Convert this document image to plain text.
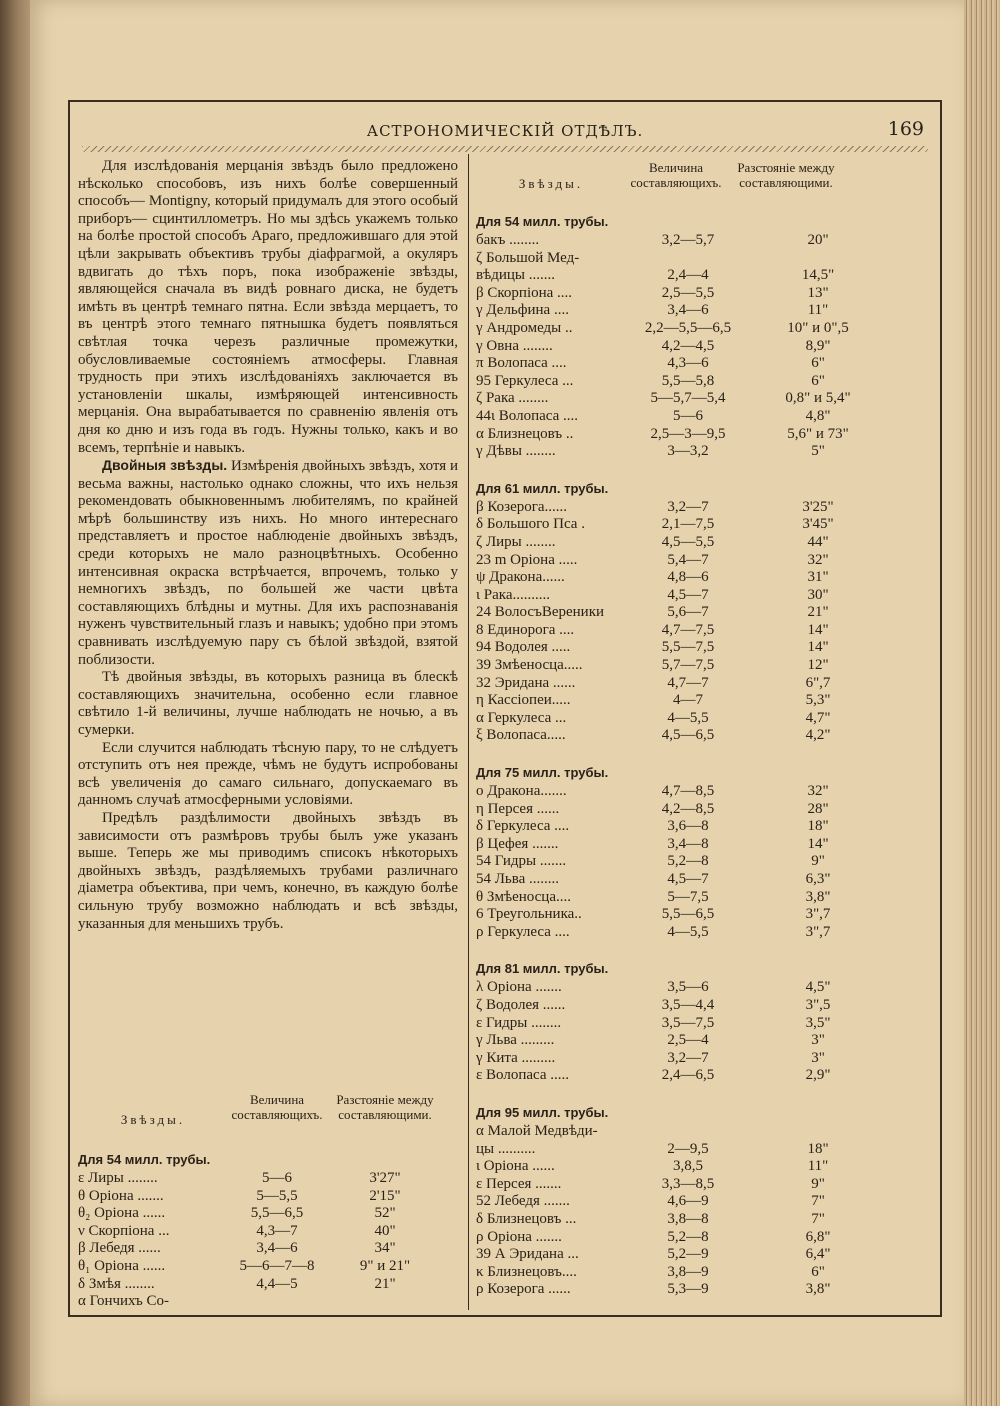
АСТРОНОМИЧЕСКІЙ ОТДѢЛЪ.	169

Для изслѣдованія мерцанія звѣздъ было предложено нѣсколько способовъ, изъ нихъ болѣе совершенный способъ— Montigny, который придумалъ для этого особый приборъ— сцинтиллометръ. Но мы здѣсь укажемъ только на болѣе простой способъ Араго, предложившаго для этой цѣли закрывать объективъ трубы діафрагмой, а окуляръ вдвигать до тѣхъ поръ, пока изображеніе звѣзды, являющейся сначала въ видѣ ровнаго диска, не будетъ имѣть въ центрѣ темнаго пятна. Если звѣзда мерцаетъ, то въ центрѣ этого темнаго пятнышка будетъ появляться свѣтлая точка черезъ различные промежутки, обусловливаемые состояніемъ атмосферы. Главная трудность при этихъ изслѣдованіяхъ заключается въ установленіи шкалы, измѣряющей интенсивность мерцанія. Она вырабатывается по сравненію явленія отъ дня ко дню и изъ года въ годъ. Нужны только, какъ и во всемъ, терпѣніе и навыкъ.

Двойныя звѣзды. Измѣренія двойныхъ звѣздъ, хотя и весьма важны, настолько однако сложны, что ихъ нельзя рекомендовать обыкновеннымъ любителямъ, по крайней мѣрѣ большинству изъ нихъ. Но много интереснаго представляетъ и простое наблюденіе двойныхъ звѣздъ, среди которыхъ не мало разноцвѣтныхъ. Особенно интенсивная окраска встрѣчается, впрочемъ, только у немногихъ звѣздъ, по большей же части цвѣта составляющихъ блѣдны и мутны. Для ихъ распознаванія нуженъ чувствительный глазъ и навыкъ; удобно при этомъ сравнивать изслѣдуемую пару съ бѣлой звѣздой, взятой поблизости.

Тѣ двойныя звѣзды, въ которыхъ разница въ блескѣ составляющихъ значительна, особенно если главное свѣтило 1-й величины, лучше наблюдать не ночью, а въ сумерки.

Если случится наблюдать тѣсную пару, то не слѣдуетъ отступить отъ нея прежде, чѣмъ не будутъ испробованы всѣ увеличенія до самаго сильнаго, допускаемаго въ данномъ случаѣ атмосферными условіями.

Предѣлъ раздѣлимости двойныхъ звѣздъ въ зависимости отъ размѣровъ трубы былъ уже указанъ выше. Теперь же мы приводимъ списокъ нѣкоторыхъ двойныхъ звѣздъ, раздѣляемыхъ трубами различнаго діаметра объектива, при чемъ, конечно, въ каждую болѣе сильную трубу возможно наблюдать и всѣ звѣзды, указанныя для меньшихъ трубъ.

Звѣзды.
Величина составляющихъ.
Разстояніе между составляющими.
Для 54 милл. трубы.
ε Лиры ........	5—6	3'27"
θ Оріона .......	5—5,5	2'15"
θ₂ Оріона ......	5,5—6,5	52"
ν Скорпіона ...	4,3—7	40"
β Лебедя ......	3,4—6	34"
θ₁ Оріона ......	5—6—7—8	9" и 21"
δ Змѣя ........	4,4—5	21"
α Гончихъ Со-
Звѣзды.
Величина составляющихъ.
Разстояніе между составляющими.
Для 54 милл. трубы.
бакъ ........	3,2—5,7	20"
ζ Большой Мед-
вѣдицы .......	2,4—4	14,5"
β Скорпіона ....	2,5—5,5	13"
γ Дельфина ....	3,4—6	11"
γ Андромеды ..	2,2—5,5—6,5	10" и 0",5
γ Овна ........	4,2—4,5	8,9"
π Волопаса ....	4,3—6	6"
95 Геркулеса ...	5,5—5,8	6"
ζ Рака ........	5—5,7—5,4	0,8" и 5,4"
44ι Волопаса ....	5—6	4,8"
α Близнецовъ ..	2,5—3—9,5	5,6" и 73"
γ Дѣвы ........	3—3,2	5"
Для 61 милл. трубы.
β Козерога......	3,2—7	3'25"
δ Большого Пса .	2,1—7,5	3'45"
ζ Лиры ........	4,5—5,5	44"
23 m Оріона .....	5,4—7	32"
ψ Дракона......	4,8—6	31"
ι Рака..........	4,5—7	30"
24 ВолосъВереники	5,6—7	21"
8 Единорога ....	4,7—7,5	14"
94 Водолея .....	5,5—7,5	14"
39 Змѣеносца.....	5,7—7,5	12"
32 Эридана ......	4,7—7	6",7
η Кассіопеи.....	4—7	5,3"
α Геркулеса ...	4—5,5	4,7"
ξ Волопаса.....	4,5—6,5	4,2"
Для 75 милл. трубы.
ο Дракона.......	4,7—8,5	32"
η Персея ......	4,2—8,5	28"
δ Геркулеса ....	3,6—8	18"
β Цефея .......	3,4—8	14"
54 Гидры .......	5,2—8	9"
54 Льва ........	4,5—7	6,3"
θ Змѣеносца....	5—7,5	3,8"
6 Треугольника..	5,5—6,5	3",7
ρ Геркулеса ....	4—5,5	3",7
Для 81 милл. трубы.
λ Оріона .......	3,5—6	4,5"
ζ Водолея ......	3,5—4,4	3",5
ε Гидры ........	3,5—7,5	3,5"
γ Льва .........	2,5—4	3"
γ Кита .........	3,2—7	3"
ε Волопаса .....	2,4—6,5	2,9"
Для 95 милл. трубы.
α Малой Медвѣди-
цы ..........	2—9,5	18"
ι Оріона ......	3,8,5	11"
ε Персея .......	3,3—8,5	9"
52 Лебедя .......	4,6—9	7"
δ Близнецовъ ...	3,8—8	7"
ρ Оріона .......	5,2—8	6,8"
39 А Эридана ...	5,2—9	6,4"
κ Близнецовъ....	3,8—9	6"
ρ Козерога ......	5,3—9	3,8"
